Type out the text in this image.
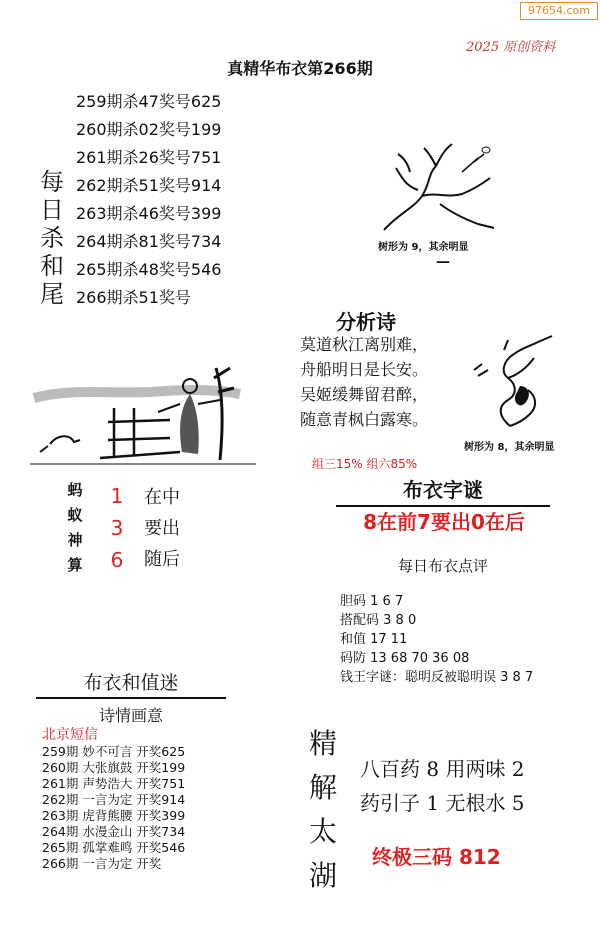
97654.com
2025 原创资料
真精华布衣第266期
259期杀47奖号625
260期杀02奖号199
261期杀26奖号751
262期杀51奖号914
263期杀46奖号399
264期杀81奖号734
265期杀48奖号546
266期杀51奖号
每
日
杀
和
尾
树形为 9，其余明显
—
分析诗
莫道秋江离别难，
舟船明日是长安。
吴姬缓舞留君醉，
随意青枫白露寒。
树形为 8，其余明显
组三15% 组六85%
蚂
蚁
神
算
1
3
6
在中
要出
随后
布衣字谜
8在前7要出0在后
每日布衣点评
胆码 1 6 7
搭配码 3 8 0
和值 17 11
码防 13 68 70 36 08
钱王字谜：聪明反被聪明误 3 8 7
布衣和值迷
诗情画意
北京短信
259期 妙不可言 开奖625
260期 大张旗鼓 开奖199
261期 声势浩大 开奖751
262期 一言为定 开奖914
263期 虎背熊腰 开奖399
264期 水漫金山 开奖734
265期 孤掌难鸣 开奖546
266期 一言为定 开奖
精
解
太
湖
八百药 8 用两味 2
药引子 1 无根水 5
终极三码 812
